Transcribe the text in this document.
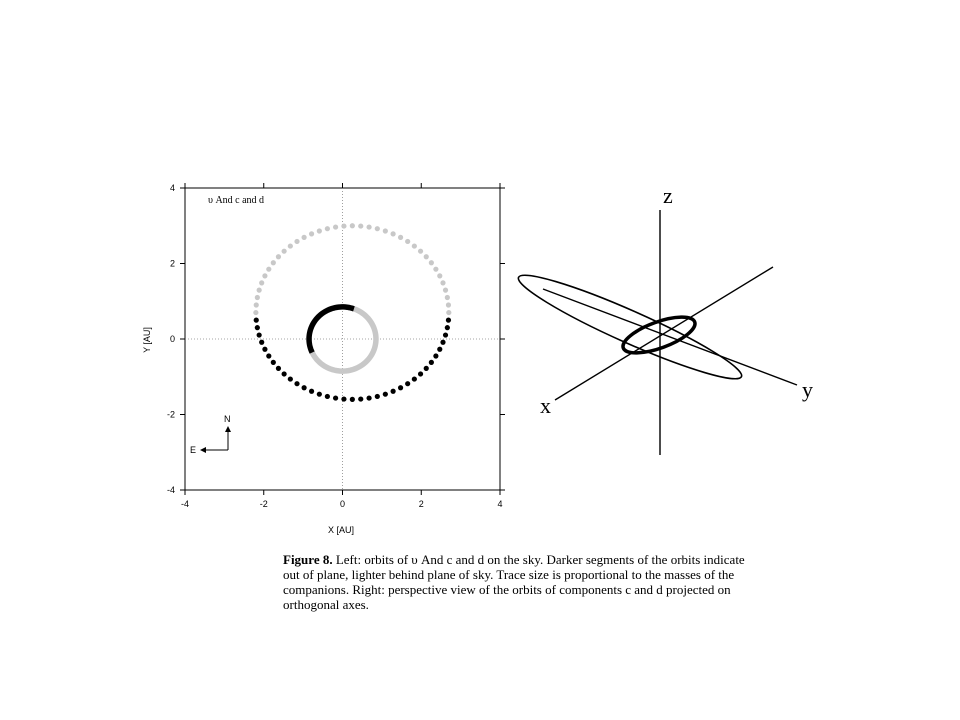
-4	-2	0	2	4
4
2
0
-2
-4
υ And c and d
X [AU]
Y [AU]
N
E
z
x
y
Figure 8. Left: orbits of υ And c and d on the sky. Darker segments of the orbits indicate out of plane, lighter behind plane of sky. Trace size is proportional to the masses of the companions. Right: perspective view of the orbits of components c and d projected on orthogonal axes.
